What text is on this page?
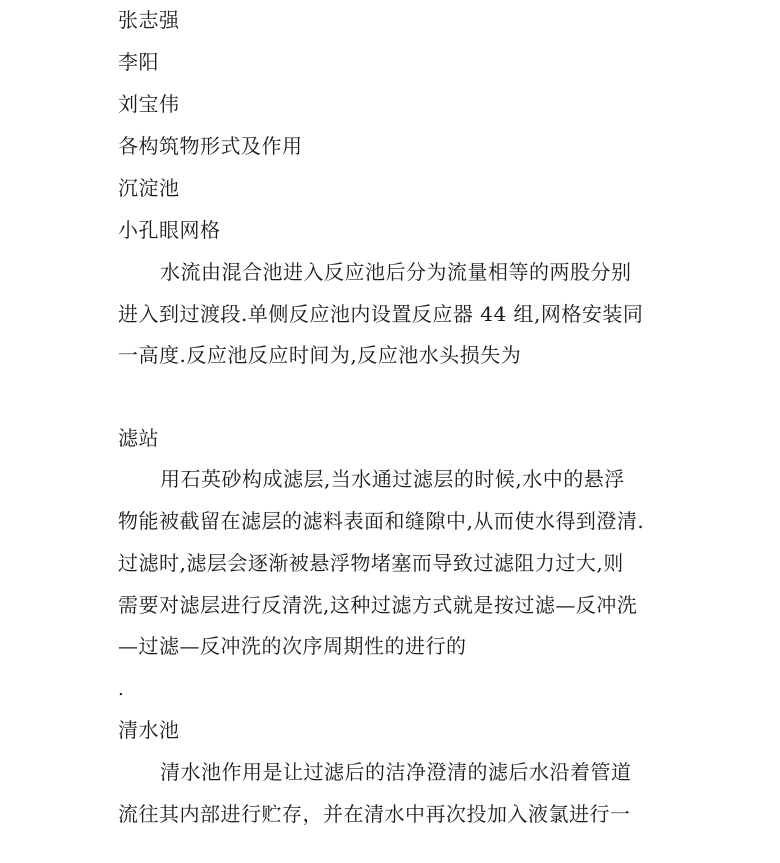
张志强
李阳
刘宝伟
各构筑物形式及作用
沉淀池
小孔眼网格
水流由混合池进入反应池后分为流量相等的两股分别
进入到过渡段.单侧反应池内设置反应器 44 组,网格安装同
一高度.反应池反应时间为,反应池水头损失为
滤站
用石英砂构成滤层,当水通过滤层的时候,水中的悬浮
物能被截留在滤层的滤料表面和缝隙中,从而使水得到澄清.
过滤时,滤层会逐渐被悬浮物堵塞而导致过滤阻力过大,则
需要对滤层进行反清洗,这种过滤方式就是按过滤—反冲洗
—过滤—反冲洗的次序周期性的进行的
.
清水池
清水池作用是让过滤后的洁净澄清的滤后水沿着管道
流往其内部进行贮存，并在清水中再次投加入液氯进行一
